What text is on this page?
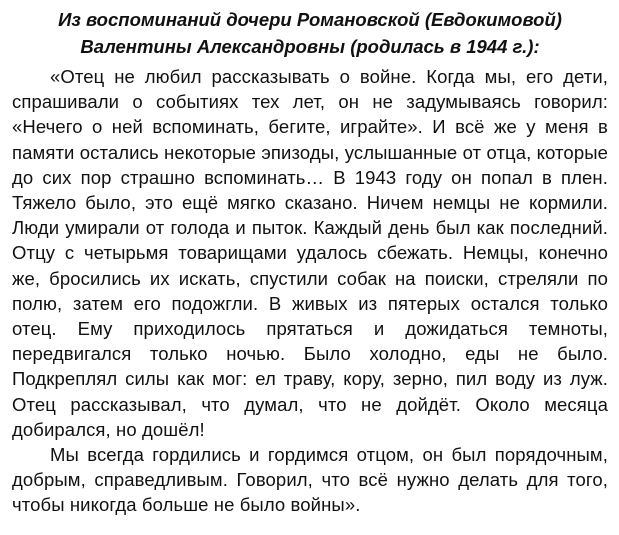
Из воспоминаний дочери Романовской (Евдокимовой)
Валентины Александровны (родилась в 1944 г.):

«Отец не любил рассказывать о войне. Когда мы, его дети, спрашивали о событиях тех лет, он не задумываясь говорил: «Нечего о ней вспоминать, бегите, играйте». И всё же у меня в памяти остались некоторые эпизоды, услышанные от отца, которые до сих пор страшно вспоминать… В 1943 году он попал в плен. Тяжело было, это ещё мягко сказано. Ничем немцы не кормили. Люди умирали от голода и пыток. Каждый день был как последний. Отцу с четырьмя товарищами удалось сбежать. Немцы, конечно же, бросились их искать, спустили собак на поиски, стреляли по полю, затем его подожгли. В живых из пятерых остался только отец. Ему приходилось прятаться и дожидаться темноты, передвигался только ночью. Было холодно, еды не было. Подкреплял силы как мог: ел траву, кору, зерно, пил воду из луж. Отец рассказывал, что думал, что не дойдёт. Около месяца добирался, но дошёл!

Мы всегда гордились и гордимся отцом, он был порядочным, добрым, справедливым. Говорил, что всё нужно делать для того, чтобы никогда больше не было войны».
